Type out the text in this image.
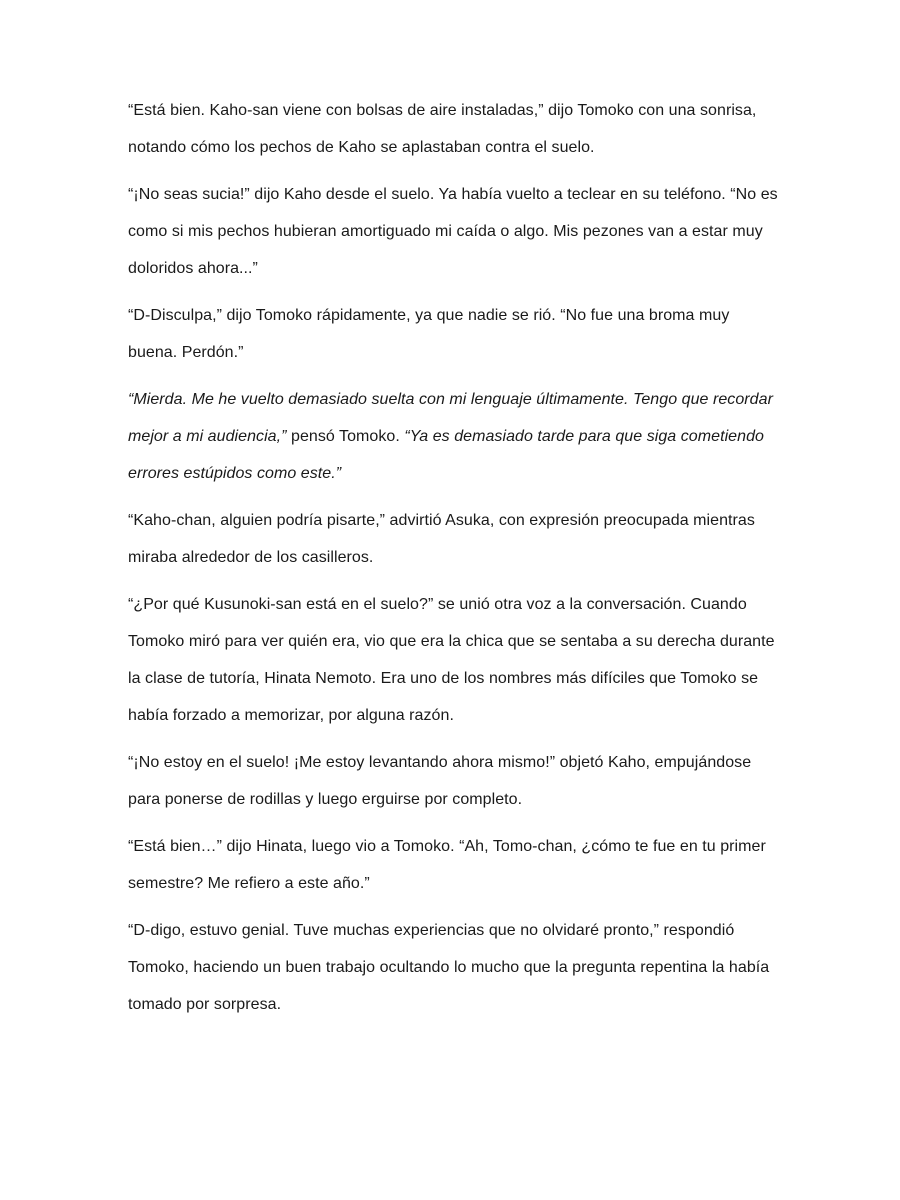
“Está bien. Kaho-san viene con bolsas de aire instaladas,” dijo Tomoko con una sonrisa, notando cómo los pechos de Kaho se aplastaban contra el suelo.

“¡No seas sucia!” dijo Kaho desde el suelo. Ya había vuelto a teclear en su teléfono. “No es como si mis pechos hubieran amortiguado mi caída o algo. Mis pezones van a estar muy doloridos ahora...”

“D-Disculpa,” dijo Tomoko rápidamente, ya que nadie se rió. “No fue una broma muy buena. Perdón.”

“Mierda. Me he vuelto demasiado suelta con mi lenguaje últimamente. Tengo que recordar mejor a mi audiencia,” pensó Tomoko. “Ya es demasiado tarde para que siga cometiendo errores estúpidos como este.”

“Kaho-chan, alguien podría pisarte,” advirtió Asuka, con expresión preocupada mientras miraba alrededor de los casilleros.

“¿Por qué Kusunoki-san está en el suelo?” se unió otra voz a la conversación. Cuando Tomoko miró para ver quién era, vio que era la chica que se sentaba a su derecha durante la clase de tutoría, Hinata Nemoto. Era uno de los nombres más difíciles que Tomoko se había forzado a memorizar, por alguna razón.

“¡No estoy en el suelo! ¡Me estoy levantando ahora mismo!” objetó Kaho, empujándose para ponerse de rodillas y luego erguirse por completo.

“Está bien…” dijo Hinata, luego vio a Tomoko. “Ah, Tomo-chan, ¿cómo te fue en tu primer semestre? Me refiero a este año.”

“D-digo, estuvo genial. Tuve muchas experiencias que no olvidaré pronto,” respondió Tomoko, haciendo un buen trabajo ocultando lo mucho que la pregunta repentina la había tomado por sorpresa.
